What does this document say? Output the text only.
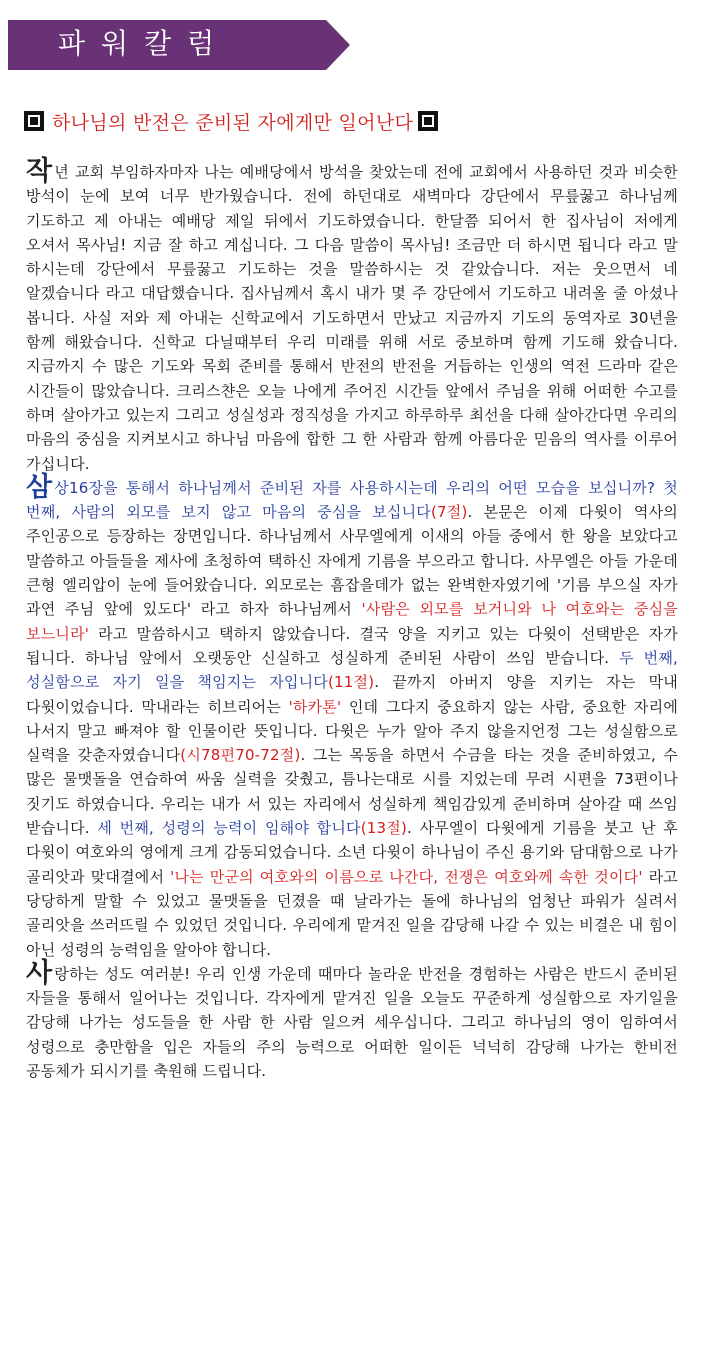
파워칼럼
하나님의 반전은 준비된 자에게만 일어난다

작년 교회 부임하자마자 나는 예배당에서 방석을 찾았는데 전에 교회에서 사용하던 것과 비슷한 방석이 눈에 보여 너무 반가웠습니다. 전에 하던대로 새벽마다 강단에서 무릎꿇고 하나님께 기도하고 제 아내는 예배당 제일 뒤에서 기도하였습니다. 한달쯤 되어서 한 집사님이 저에게 오셔서 목사님! 지금 잘 하고 계십니다. 그 다음 말씀이 목사님! 조금만 더 하시면 됩니다 라고 말 하시는데 강단에서 무릎꿇고 기도하는 것을 말씀하시는 것 같았습니다. 저는 웃으면서 네 알겠습니다 라고 대답했습니다. 집사님께서 혹시 내가 몇 주 강단에서 기도하고 내려올 줄 아셨나 봅니다. 사실 저와 제 아내는 신학교에서 기도하면서 만났고 지금까지 기도의 동역자로 30년을 함께 해왔습니다. 신학교 다닐때부터 우리 미래를 위해 서로 중보하며 함께 기도해 왔습니다. 지금까지 수 많은 기도와 목회 준비를 통해서 반전의 반전을 거듭하는 인생의 역전 드라마 같은 시간들이 많았습니다. 크리스챤은 오늘 나에게 주어진 시간들 앞에서 주님을 위해 어떠한 수고를 하며 살아가고 있는지 그리고 성실성과 정직성을 가지고 하루하루 최선을 다해 살아간다면 우리의 마음의 중심을 지켜보시고 하나님 마음에 합한 그 한 사람과 함께 아름다운 믿음의 역사를 이루어 가십니다.

삼상16장을 통해서 하나님께서 준비된 자를 사용하시는데 우리의 어떤 모습을 보십니까? 첫 번째, 사람의 외모를 보지 않고 마음의 중심을 보십니다(7절). 본문은 이제 다윗이 역사의 주인공으로 등장하는 장면입니다. 하나님께서 사무엘에게 이새의 아들 중에서 한 왕을 보았다고 말씀하고 아들들을 제사에 초청하여 택하신 자에게 기름을 부으라고 합니다. 사무엘은 아들 가운데 큰형 엘리압이 눈에 들어왔습니다. 외모로는 흠잡을데가 없는 완벽한자였기에 '기름 부으실 자가 과연 주님 앞에 있도다' 라고 하자 하나님께서 '사람은 외모를 보거니와 나 여호와는 중심을 보느니라' 라고 말씀하시고 택하지 않았습니다. 결국 양을 지키고 있는 다윗이 선택받은 자가 됩니다. 하나님 앞에서 오랫동안 신실하고 성실하게 준비된 사람이 쓰임 받습니다. 두 번째, 성실함으로 자기 일을 책임지는 자입니다(11절). 끝까지 아버지 양을 지키는 자는 막내 다윗이었습니다. 막내라는 히브리어는 '하카톤' 인데 그다지 중요하지 않는 사람, 중요한 자리에 나서지 말고 빠져야 할 인물이란 뜻입니다. 다윗은 누가 알아 주지 않을지언정 그는 성실함으로 실력을 갖춘자였습니다(시78편70-72절). 그는 목동을 하면서 수금을 타는 것을 준비하였고, 수 많은 물맷돌을 연습하여 싸움 실력을 갖췄고, 틈나는대로 시를 지었는데 무려 시편을 73편이나 짓기도 하였습니다. 우리는 내가 서 있는 자리에서 성실하게 책임감있게 준비하며 살아갈 때 쓰임 받습니다. 세 번째, 성령의 능력이 임해야 합니다(13절). 사무엘이 다윗에게 기름을 붓고 난 후 다윗이 여호와의 영에게 크게 감동되었습니다. 소년 다윗이 하나님이 주신 용기와 담대함으로 나가 골리앗과 맞대결에서 '나는 만군의 여호와의 이름으로 나간다, 전쟁은 여호와께 속한 것이다' 라고 당당하게 말할 수 있었고 물맷돌을 던졌을 때 날라가는 돌에 하나님의 엄청난 파워가 실려서 골리앗을 쓰러뜨릴 수 있었던 것입니다. 우리에게 맡겨진 일을 감당해 나갈 수 있는 비결은 내 힘이 아닌 성령의 능력임을 알아야 합니다.

사랑하는 성도 여러분! 우리 인생 가운데 때마다 놀라운 반전을 경험하는 사람은 반드시 준비된 자들을 통해서 일어나는 것입니다. 각자에게 맡겨진 일을 오늘도 꾸준하게 성실함으로 자기일을 감당해 나가는 성도들을 한 사람 한 사람 일으켜 세우십니다. 그리고 하나님의 영이 임하여서 성령으로 충만함을 입은 자들의 주의 능력으로 어떠한 일이든 넉넉히 감당해 나가는 한비전 공동체가 되시기를 축원해 드립니다.
